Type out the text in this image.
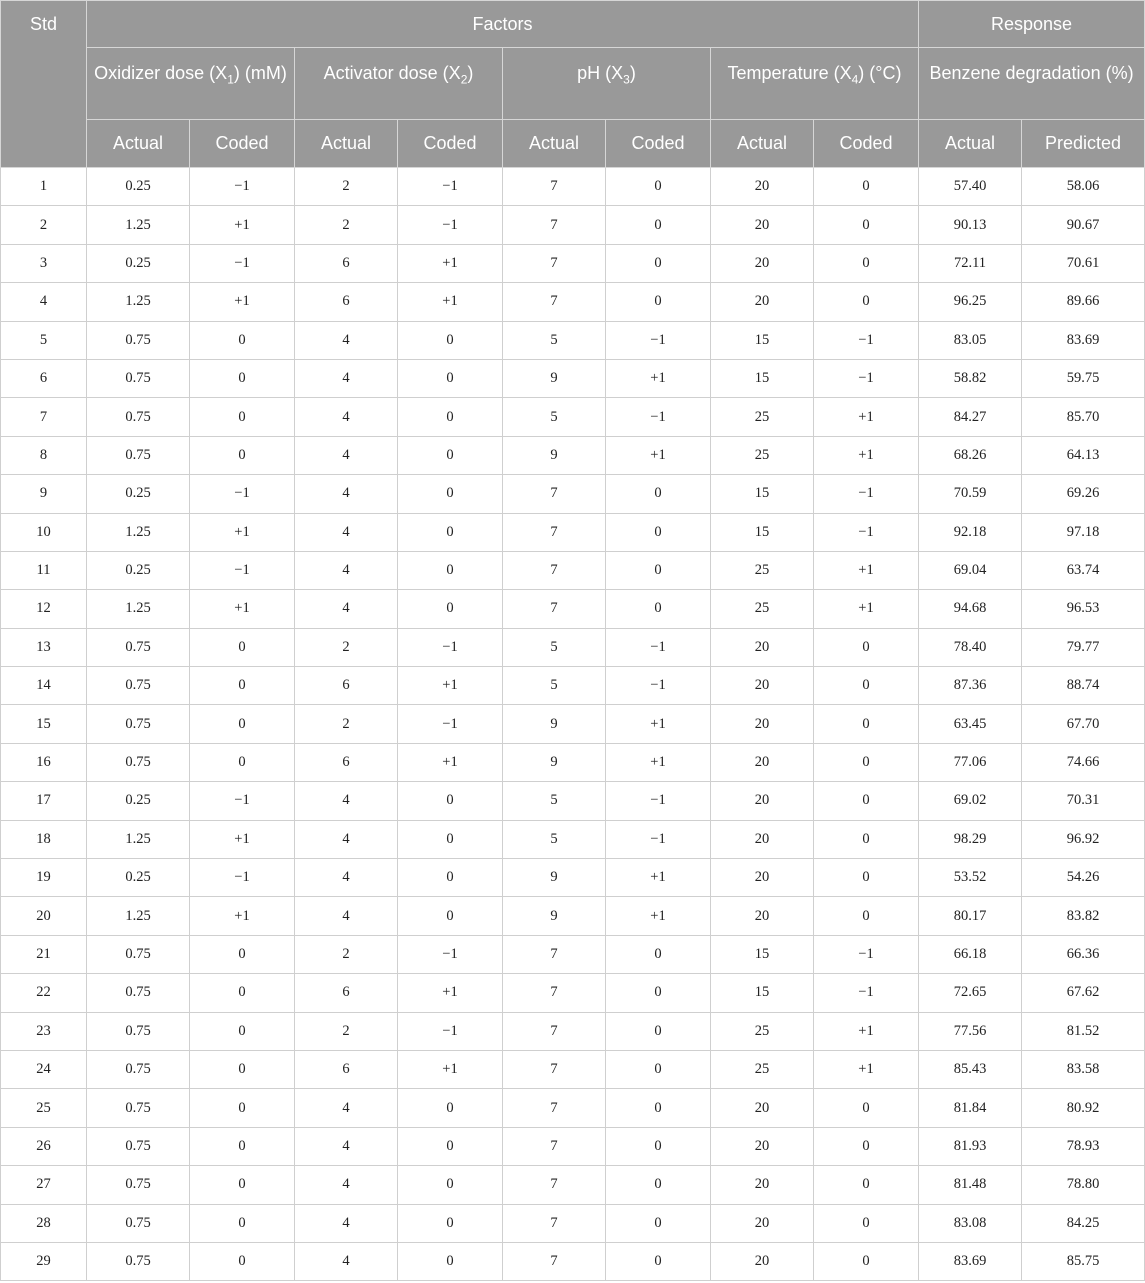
Std	Factors								Response	
	Oxidizer dose $(X_1)$ (mM)		Activator dose $(X_2)$		pH $(X_3)$		Temperature $(X_4)$ (°C)		Benzene degradation (%)	
	Actual	Coded	Actual	Coded	Actual	Coded	Actual	Coded	Actual	Predicted
1	0.25	−1	2	−1	7	0	20	0	57.40	58.06
2	1.25	+1	2	−1	7	0	20	0	90.13	90.67
3	0.25	−1	6	+1	7	0	20	0	72.11	70.61
4	1.25	+1	6	+1	7	0	20	0	96.25	89.66
5	0.75	0	4	0	5	−1	15	−1	83.05	83.69
6	0.75	0	4	0	9	+1	15	−1	58.82	59.75
7	0.75	0	4	0	5	−1	25	+1	84.27	85.70
8	0.75	0	4	0	9	+1	25	+1	68.26	64.13
9	0.25	−1	4	0	7	0	15	−1	70.59	69.26
10	1.25	+1	4	0	7	0	15	−1	92.18	97.18
11	0.25	−1	4	0	7	0	25	+1	69.04	63.74
12	1.25	+1	4	0	7	0	25	+1	94.68	96.53
13	0.75	0	2	−1	5	−1	20	0	78.40	79.77
14	0.75	0	6	+1	5	−1	20	0	87.36	88.74
15	0.75	0	2	−1	9	+1	20	0	63.45	67.70
16	0.75	0	6	+1	9	+1	20	0	77.06	74.66
17	0.25	−1	4	0	5	−1	20	0	69.02	70.31
18	1.25	+1	4	0	5	−1	20	0	98.29	96.92
19	0.25	−1	4	0	9	+1	20	0	53.52	54.26
20	1.25	+1	4	0	9	+1	20	0	80.17	83.82
21	0.75	0	2	−1	7	0	15	−1	66.18	66.36
22	0.75	0	6	+1	7	0	15	−1	72.65	67.62
23	0.75	0	2	−1	7	0	25	+1	77.56	81.52
24	0.75	0	6	+1	7	0	25	+1	85.43	83.58
25	0.75	0	4	0	7	0	20	0	81.84	80.92
26	0.75	0	4	0	7	0	20	0	81.93	78.93
27	0.75	0	4	0	7	0	20	0	81.48	78.80
28	0.75	0	4	0	7	0	20	0	83.08	84.25
29	0.75	0	4	0	7	0	20	0	83.69	85.75
